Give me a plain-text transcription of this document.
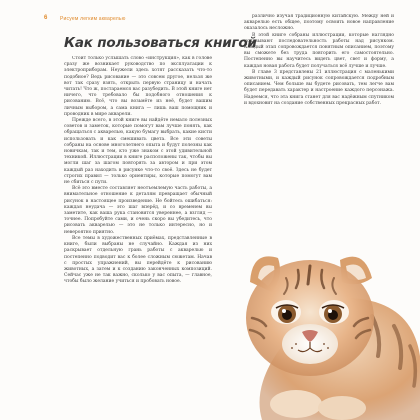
6	Рисуем легким акварелью
Как пользоваться книгой

Стоит только услышать слово «инструкция», как в голове сразу же возникает руководство по эксплуатации к электроприборам. Неужели здесь хотят рассказать что-то подобное? Ведь рисование — это совсем другое, нельзя же вот так сразу взять, открыть первую страницу и начать читать! Что ж, постараемся вас разубедить. В этой книге нет ничего, что требовало бы подобного отношения к рисованию. Всё, что вы возьмёте из неё, будет вашим личным выбором, а сама книга — лишь ваш помощник и проводник в мире акварели.

Прежде всего, в этой книге вы найдёте немало полезных советов и заметок, которые помогут вам лучше понять, как обращаться с акварелью, какую бумагу выбрать, какие кисти использовать и как смешивать цвета. Все эти советы собраны на основе многолетнего опыта и будут полезны как новичкам, так и тем, кто уже знаком с этой удивительной техникой. Иллюстрации в книге расположены так, чтобы вы могли шаг за шагом повторять за автором и при этом каждый раз находить в рисунке что-то своё. Здесь не будет строгих правил — только ориентиры, которые помогут вам не сбиться с пути.

Всё это вместе составляет неотъемлемую часть работы, а внимательное отношение к деталям превращает обычный рисунок в настоящее произведение. Не бойтесь ошибаться: каждая неудача — это шаг вперёд, и со временем вы заметите, как ваша рука становится увереннее, а взгляд — точнее. Попробуйте сами, и очень скоро вы убедитесь, что рисовать акварелью — это не только интересно, но и невероятно приятно.

Все темы в художественных приёмах, представленные в книге, были выбраны не случайно. Каждая из них раскрывает отдельную грань работы с акварелью и постепенно подводит вас к более сложным сюжетам. Начав с простых упражнений, вы перейдёте к рисованию животных, а затем и к созданию законченных композиций. Сейчас уже не так важно, сколько у вас опыта, — главное, чтобы было желание учиться и пробовать новое.

различно изучая традиционную китайскую. Между ней и акварелью есть общее, поэтому освоить новое направление оказалось несложно.

В этой книге собраны иллюстрации, которые наглядно показывают последовательность работы над рисунком. Каждый этап сопровождается понятным описанием, поэтому вы сможете без труда повторить его самостоятельно. Постепенно вы научитесь видеть цвет, свет и форму, а каждая новая работа будет получаться всё лучше и лучше.

В главе 3 представлены 21 иллюстрация с маленькими животными, и каждый рисунок сопровождается подробным описанием. Чем больше вы будете рисовать, тем легче вам будет передавать характер и настроение каждого персонажа. Надеемся, что эта книга станет для вас надёжным спутником и вдохновит на создание собственных прекрасных работ.
